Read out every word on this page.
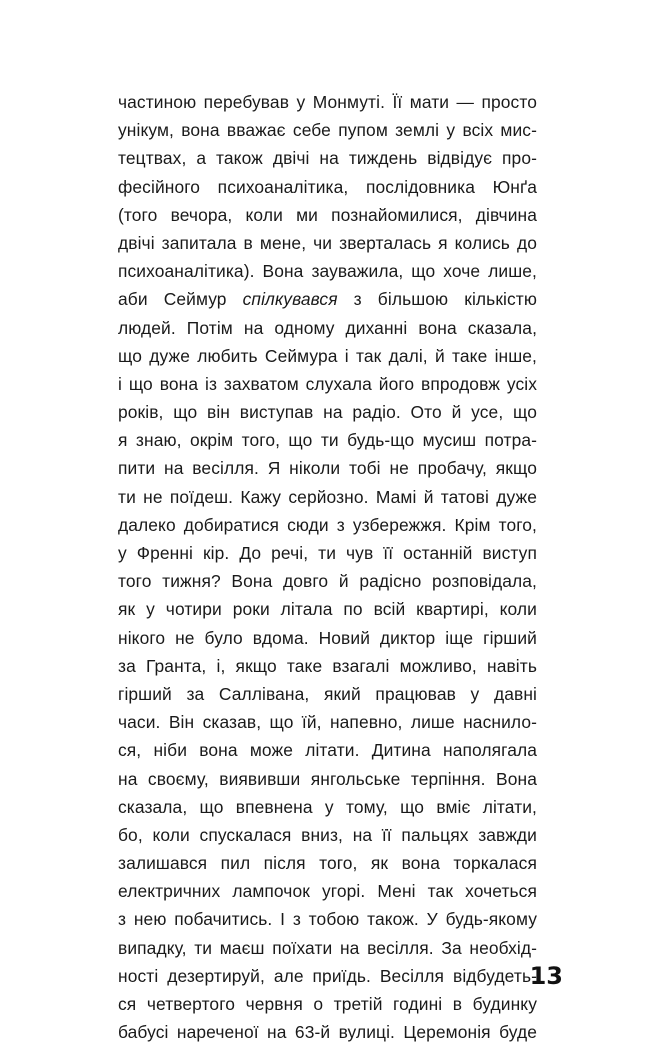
частиною перебував у Монмуті. Її мати — просто
унікум, вона вважає себе пупом землі у всіх мис-
тецтвах, а також двічі на тиждень відвідує про-
фесійного психоаналітика, послідовника Юнґа
(того вечора, коли ми познайомилися, дівчина
двічі запитала в мене, чи зверталась я колись до
психоаналітика). Вона зауважила, що хоче лише,
аби Сеймур спілкувався з більшою кількістю
людей. Потім на одному диханні вона сказала,
що дуже любить Сеймура і так далі, й таке інше,
і що вона із захватом слухала його впродовж усіх
років, що він виступав на радіо. Ото й усе, що
я знаю, окрім того, що ти будь-що мусиш потра-
пити на весілля. Я ніколи тобі не пробачу, якщо
ти не поїдеш. Кажу серйозно. Мамі й татові дуже
далеко добиратися сюди з узбережжя. Крім того,
у Френні кір. До речі, ти чув її останній виступ
того тижня? Вона довго й радісно розповідала,
як у чотири роки літала по всій квартирі, коли
нікого не було вдома. Новий диктор іще гірший
за Гранта, і, якщо таке взагалі можливо, навіть
гірший за Саллівана, який працював у давні
часи. Він сказав, що їй, напевно, лише наснило-
ся, ніби вона може літати. Дитина наполягала
на своєму, виявивши янгольське терпіння. Вона
сказала, що впевнена у тому, що вміє літати,
бо, коли спускалася вниз, на її пальцях завжди
залишався пил після того, як вона торкалася
електричних лампочок угорі. Мені так хочеться
з нею побачитись. І з тобою також. У будь-якому
випадку, ти маєш поїхати на весілля. За необхід-
ності дезертируй, але приїдь. Весілля відбудеть-
ся четвертого червня о третій годині в будинку
бабусі нареченої на 63-й вулиці. Церемонія буде
13
